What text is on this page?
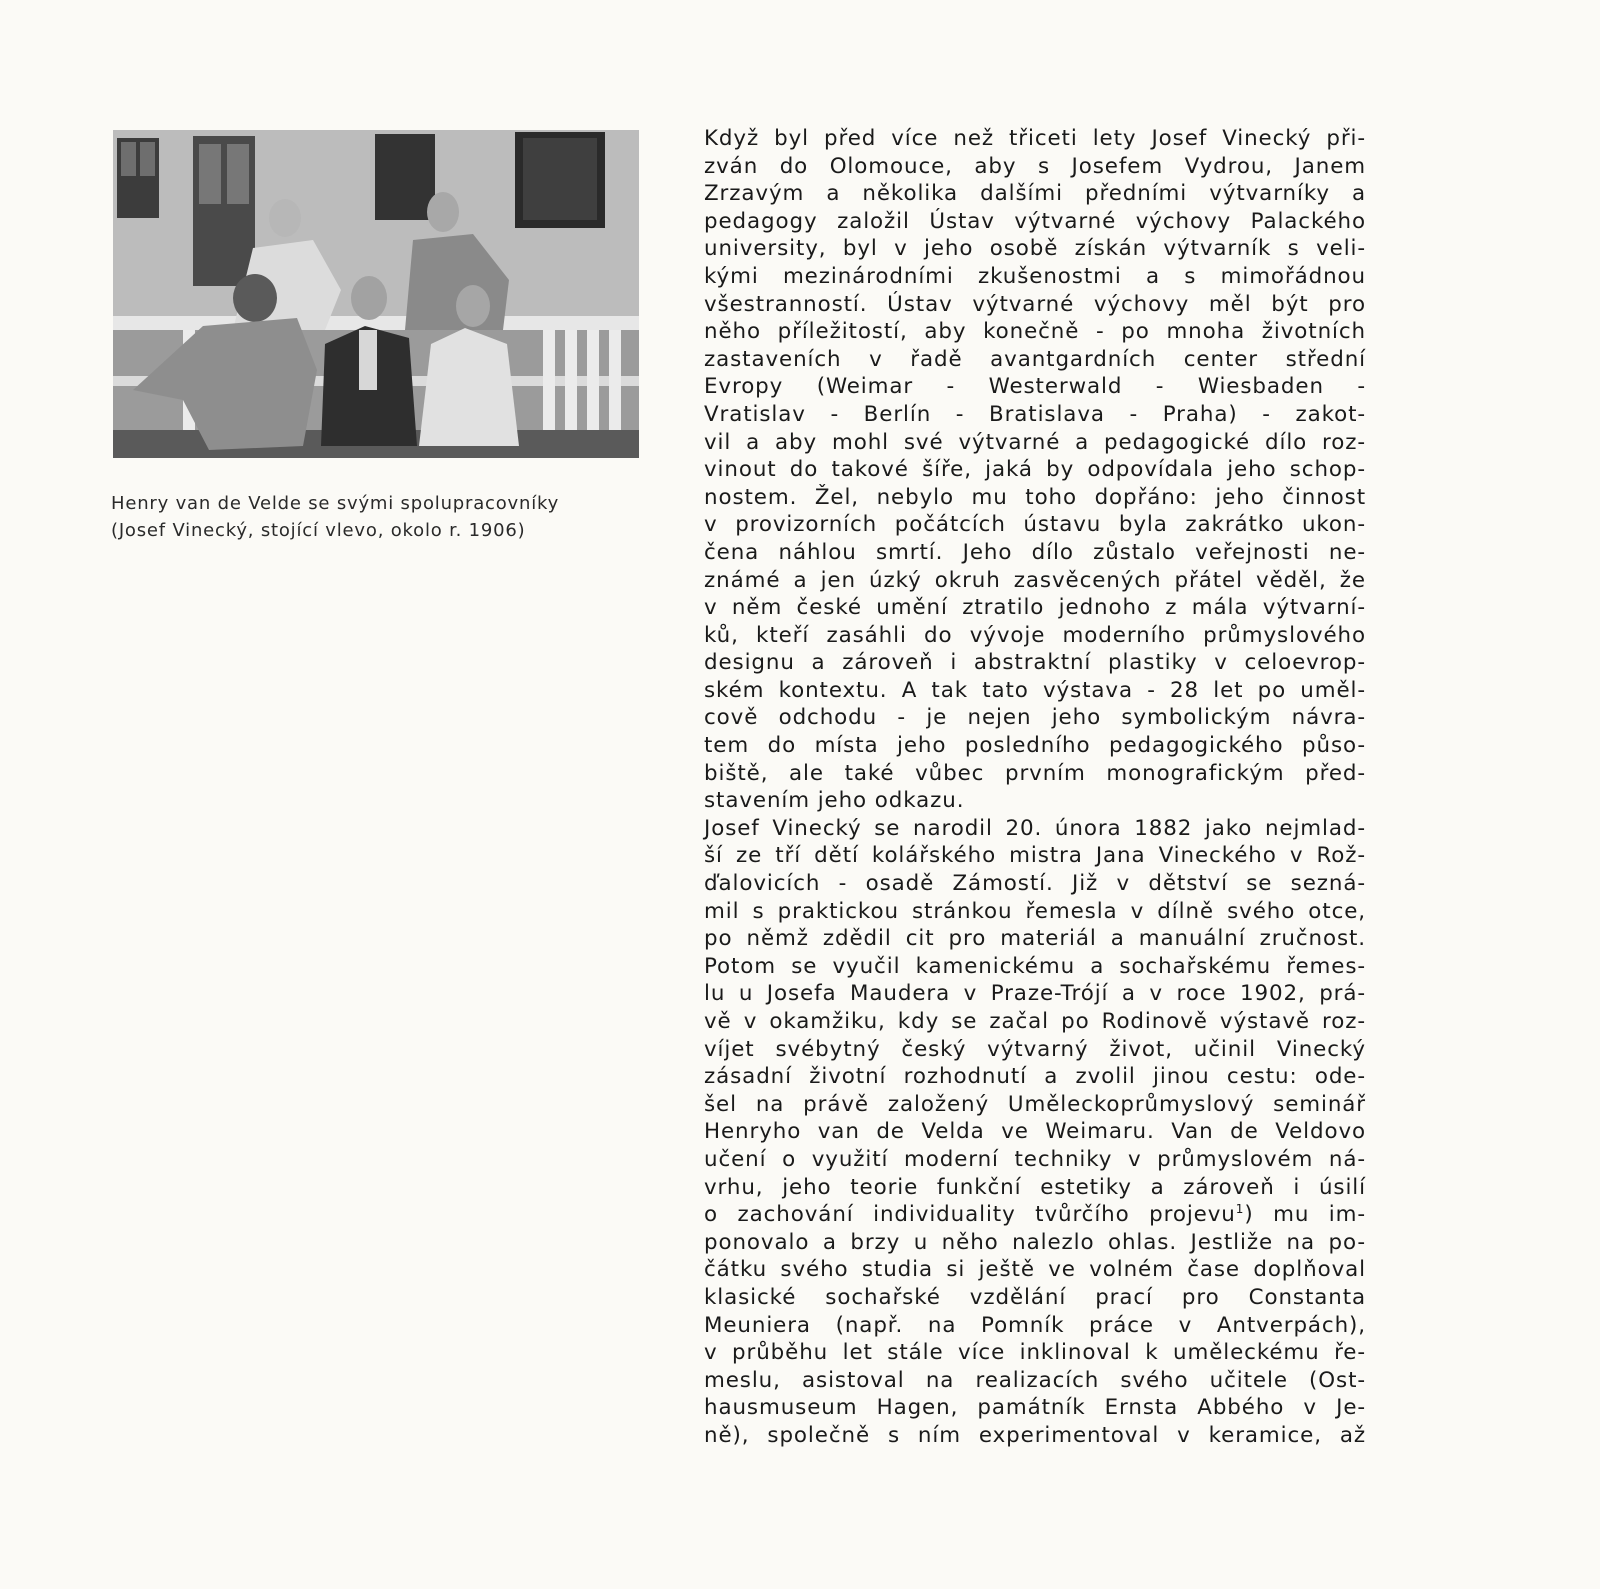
Henry van de Velde se svými spolupracovníky

(Josef Vinecký, stojící vlevo, okolo r. 1906)

Když byl před více než třiceti lety Josef Vinecký při-
zván do Olomouce, aby s Josefem Vydrou, Janem
Zrzavým a několika dalšími předními výtvarníky a
pedagogy založil Ústav výtvarné výchovy Palackého
university, byl v jeho osobě získán výtvarník s veli-
kými mezinárodními zkušenostmi a s mimořádnou
všestranností. Ústav výtvarné výchovy měl být pro
něho příležitostí, aby konečně - po mnoha životních
zastaveních v řadě avantgardních center střední
Evropy (Weimar - Westerwald - Wiesbaden -
Vratislav - Berlín - Bratislava - Praha) - zakot-
vil a aby mohl své výtvarné a pedagogické dílo roz-
vinout do takové šíře, jaká by odpovídala jeho schop-
nostem. Žel, nebylo mu toho dopřáno: jeho činnost
v provizorních počátcích ústavu byla zakrátko ukon-
čena náhlou smrtí. Jeho dílo zůstalo veřejnosti ne-
známé a jen úzký okruh zasvěcených přátel věděl, že
v něm české umění ztratilo jednoho z mála výtvarní-
ků, kteří zasáhli do vývoje moderního průmyslového
designu a zároveň i abstraktní plastiky v celoevrop-
ském kontextu. A tak tato výstava - 28 let po uměl-
cově odchodu - je nejen jeho symbolickým návra-
tem do místa jeho posledního pedagogického půso-
biště, ale také vůbec prvním monografickým před-
stavením jeho odkazu.
Josef Vinecký se narodil 20. února 1882 jako nejmlad-
ší ze tří dětí kolářského mistra Jana Vineckého v Rož-
ďalovicích - osadě Zámostí. Již v dětství se sezná-
mil s praktickou stránkou řemesla v dílně svého otce,
po němž zdědil cit pro materiál a manuální zručnost.
Potom se vyučil kamenickému a sochařskému řemes-
lu u Josefa Maudera v Praze-Trójí a v roce 1902, prá-
vě v okamžiku, kdy se začal po Rodinově výstavě roz-
víjet svébytný český výtvarný život, učinil Vinecký
zásadní životní rozhodnutí a zvolil jinou cestu: ode-
šel na právě založený Uměleckoprůmyslový seminář
Henryho van de Velda ve Weimaru. Van de Veldovo
učení o využití moderní techniky v průmyslovém ná-
vrhu, jeho teorie funkční estetiky a zároveň i úsilí
o zachování individuality tvůrčího projevu$^1$) mu im-
ponovalo a brzy u něho nalezlo ohlas. Jestliže na po-
čátku svého studia si ještě ve volném čase doplňoval
klasické sochařské vzdělání prací pro Constanta
Meuniera (např. na Pomník práce v Antverpách),
v průběhu let stále více inklinoval k uměleckému ře-
meslu, asistoval na realizacích svého učitele (Ost-
hausmuseum Hagen, památník Ernsta Abbého v Je-
ně), společně s ním experimentoval v keramice, až
